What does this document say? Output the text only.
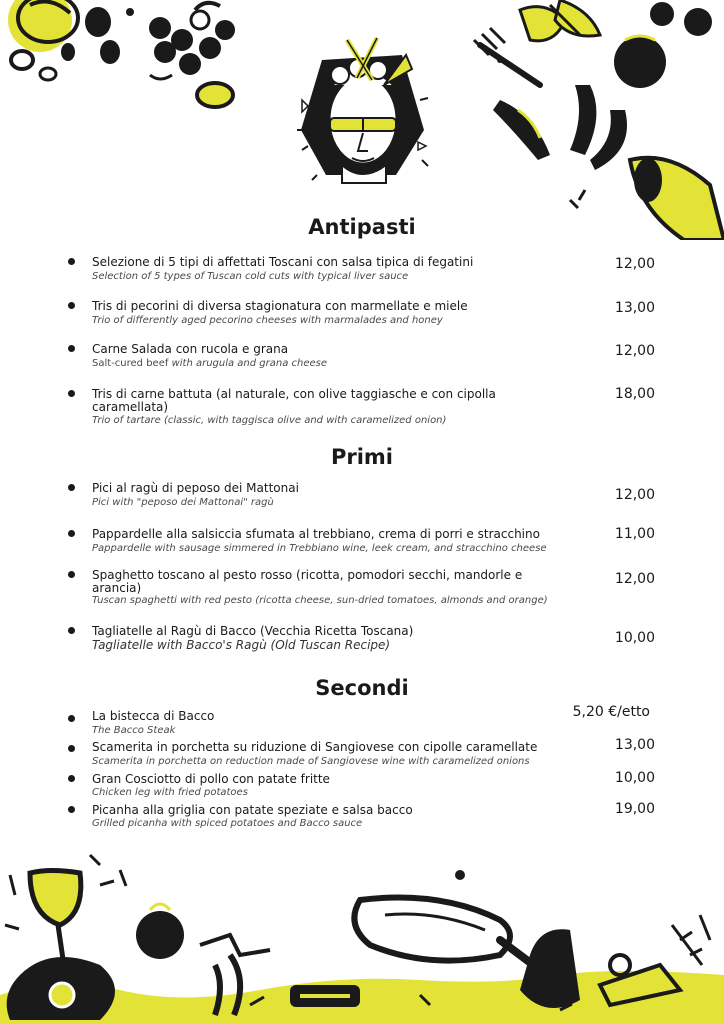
Antipasti
Selezione di 5 tipi di affettati Toscani con salsa tipica di fegatini
Selection of 5 types of Tuscan cold cuts with typical liver sauce
12,00
Tris di pecorini di diversa stagionatura con marmellate e miele
Trio of differently aged pecorino cheeses with marmalades and honey
13,00
Carne Salada con rucola e grana
Salt-cured beef with arugula and grana cheese
12,00
Tris di carne battuta (al naturale, con olive taggiasche e con cipolla caramellata)
Trio of tartare (classic, with taggisca olive and with caramelized onion)
18,00
Primi
Pici al ragù di peposo dei Mattonai
Pici with "peposo dei Mattonai" ragù	12,00
Pappardelle alla salsiccia sfumata al trebbiano, crema di porri e stracchino
Pappardelle with sausage simmered in Trebbiano wine, leek cream, and stracchino cheese
11,00
Spaghetto toscano al pesto rosso (ricotta, pomodori secchi, mandorle e arancia)
Tuscan spaghetti with red pesto (ricotta cheese, sun-dried tomatoes, almonds and orange)
12,00
Tagliatelle al Ragù di Bacco (Vecchia Ricetta Toscana)
Tagliatelle with Bacco's Ragù (Old Tuscan Recipe)	10,00
Secondi
La bistecca di Bacco
The Bacco Steak
5,20 €/etto
Scamerita in porchetta su riduzione di Sangiovese con cipolle caramellate
Scamerita in porchetta on reduction made of Sangiovese wine with caramelized onions
13,00
Gran Cosciotto di pollo con patate fritte
Chicken leg with fried potatoes
10,00
Picanha alla griglia con patate speziate e salsa bacco
Grilled picanha with spiced potatoes and Bacco sauce
19,00
